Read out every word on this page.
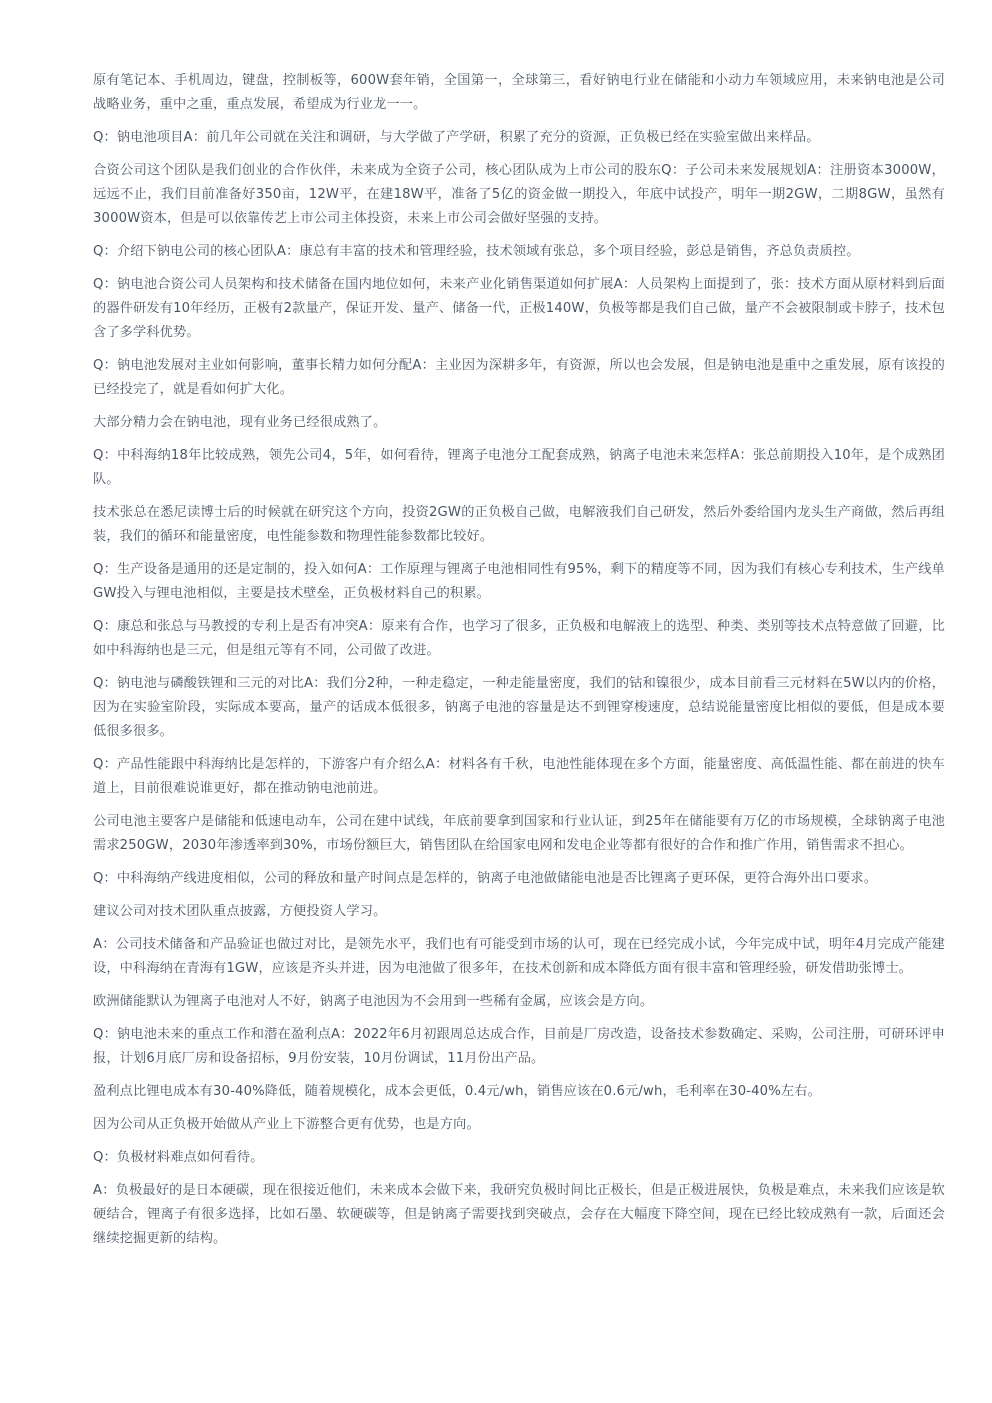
原有笔记本、手机周边，键盘，控制板等，600W套年销，全国第一，全球第三，看好钠电行业在储能和小动力车领域应用，未来钠电池是公司战略业务，重中之重，重点发展，希望成为行业龙一一。

Q：钠电池项目A：前几年公司就在关注和调研，与大学做了产学研，积累了充分的资源，正负极已经在实验室做出来样品。

合资公司这个团队是我们创业的合作伙伴，未来成为全资子公司，核心团队成为上市公司的股东Q：子公司未来发展规划A：注册资本3000W，远远不止，我们目前准备好350亩，12W平，在建18W平，准备了5亿的资金做一期投入，年底中试投产，明年一期2GW，二期8GW，虽然有3000W资本，但是可以依靠传艺上市公司主体投资，未来上市公司会做好坚强的支持。

Q：介绍下钠电公司的核心团队A：康总有丰富的技术和管理经验，技术领域有张总，多个项目经验，彭总是销售，齐总负责质控。

Q：钠电池合资公司人员架构和技术储备在国内地位如何，未来产业化销售渠道如何扩展A：人员架构上面提到了，张：技术方面从原材料到后面的器件研发有10年经历，正极有2款量产，保证开发、量产、储备一代，正极140W，负极等都是我们自己做，量产不会被限制或卡脖子，技术包含了多学科优势。

Q：钠电池发展对主业如何影响，董事长精力如何分配A：主业因为深耕多年，有资源，所以也会发展，但是钠电池是重中之重发展，原有该投的已经投完了，就是看如何扩大化。

大部分精力会在钠电池，现有业务已经很成熟了。

Q：中科海纳18年比较成熟，领先公司4，5年，如何看待，锂离子电池分工配套成熟，钠离子电池未来怎样A：张总前期投入10年，是个成熟团队。

技术张总在悉尼读博士后的时候就在研究这个方向，投资2GW的正负极自己做，电解液我们自己研发，然后外委给国内龙头生产商做，然后再组装，我们的循环和能量密度，电性能参数和物理性能参数都比较好。

Q：生产设备是通用的还是定制的，投入如何A：工作原理与锂离子电池相同性有95%，剩下的精度等不同，因为我们有核心专利技术，生产线单GW投入与锂电池相似，主要是技术壁垒，正负极材料自己的积累。

Q：康总和张总与马教授的专利上是否有冲突A：原来有合作，也学习了很多，正负极和电解液上的选型、种类、类别等技术点特意做了回避，比如中科海纳也是三元，但是组元等有不同，公司做了改进。

Q：钠电池与磷酸铁锂和三元的对比A：我们分2种，一种走稳定，一种走能量密度，我们的钴和镍很少，成本目前看三元材料在5W以内的价格，因为在实验室阶段，实际成本要高，量产的话成本低很多，钠离子电池的容量是达不到锂穿梭速度，总结说能量密度比相似的要低，但是成本要低很多很多。

Q：产品性能跟中科海纳比是怎样的，下游客户有介绍么A：材料各有千秋，电池性能体现在多个方面，能量密度、高低温性能、都在前进的快车道上，目前很难说谁更好，都在推动钠电池前进。

公司电池主要客户是储能和低速电动车，公司在建中试线，年底前要拿到国家和行业认证，到25年在储能要有万亿的市场规模，全球钠离子电池需求250GW，2030年渗透率到30%，市场份额巨大，销售团队在给国家电网和发电企业等都有很好的合作和推广作用，销售需求不担心。

Q：中科海纳产线进度相似，公司的释放和量产时间点是怎样的，钠离子电池做储能电池是否比锂离子更环保，更符合海外出口要求。

建议公司对技术团队重点披露，方便投资人学习。

A：公司技术储备和产品验证也做过对比，是领先水平，我们也有可能受到市场的认可，现在已经完成小试，今年完成中试，明年4月完成产能建设，中科海纳在青海有1GW，应该是齐头并进，因为电池做了很多年，在技术创新和成本降低方面有很丰富和管理经验，研发借助张博士。

欧洲储能默认为锂离子电池对人不好，钠离子电池因为不会用到一些稀有金属，应该会是方向。

Q：钠电池未来的重点工作和潜在盈利点A：2022年6月初跟周总达成合作，目前是厂房改造，设备技术参数确定、采购，公司注册，可研环评申报，计划6月底厂房和设备招标，9月份安装，10月份调试，11月份出产品。

盈利点比锂电成本有30-40%降低，随着规模化，成本会更低，0.4元/wh，销售应该在0.6元/wh，毛利率在30-40%左右。

因为公司从正负极开始做从产业上下游整合更有优势，也是方向。

Q：负极材料难点如何看待。

A：负极最好的是日本硬碳，现在很接近他们，未来成本会做下来，我研究负极时间比正极长，但是正极进展快，负极是难点，未来我们应该是软硬结合，锂离子有很多选择，比如石墨、软硬碳等，但是钠离子需要找到突破点，会存在大幅度下降空间，现在已经比较成熟有一款，后面还会继续挖掘更新的结构。
